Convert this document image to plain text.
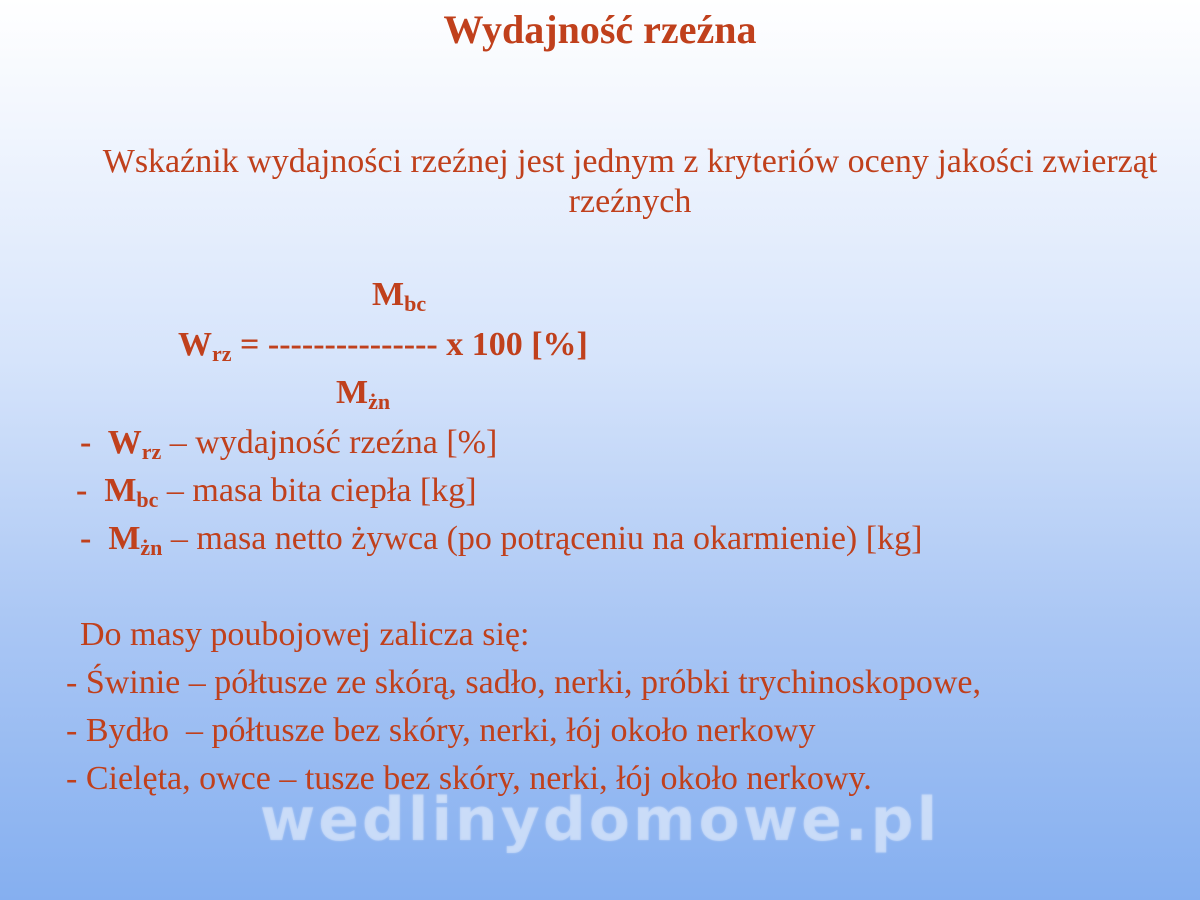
Wydajność rzeźna
Wskaźnik wydajności rzeźnej jest jednym z kryteriów oceny jakości zwierząt rzeźnych
$M_{bc}$
$W_{rz}$ = --------------- x 100 [%]
$M_{żn}$
-  $W_{rz}$ – wydajność rzeźna [%]
-  $M_{bc}$ – masa bita ciepła [kg]
-  $M_{żn}$ – masa netto żywca (po potrąceniu na okarmienie) [kg]
Do masy poubojowej zalicza się:
- Świnie – półtusze ze skórą, sadło, nerki, próbki trychinoskopowe,
- Bydło  – półtusze bez skóry, nerki, łój około nerkowy
- Cielęta, owce – tusze bez skóry, nerki, łój około nerkowy.
wedlinydomowe.pl
